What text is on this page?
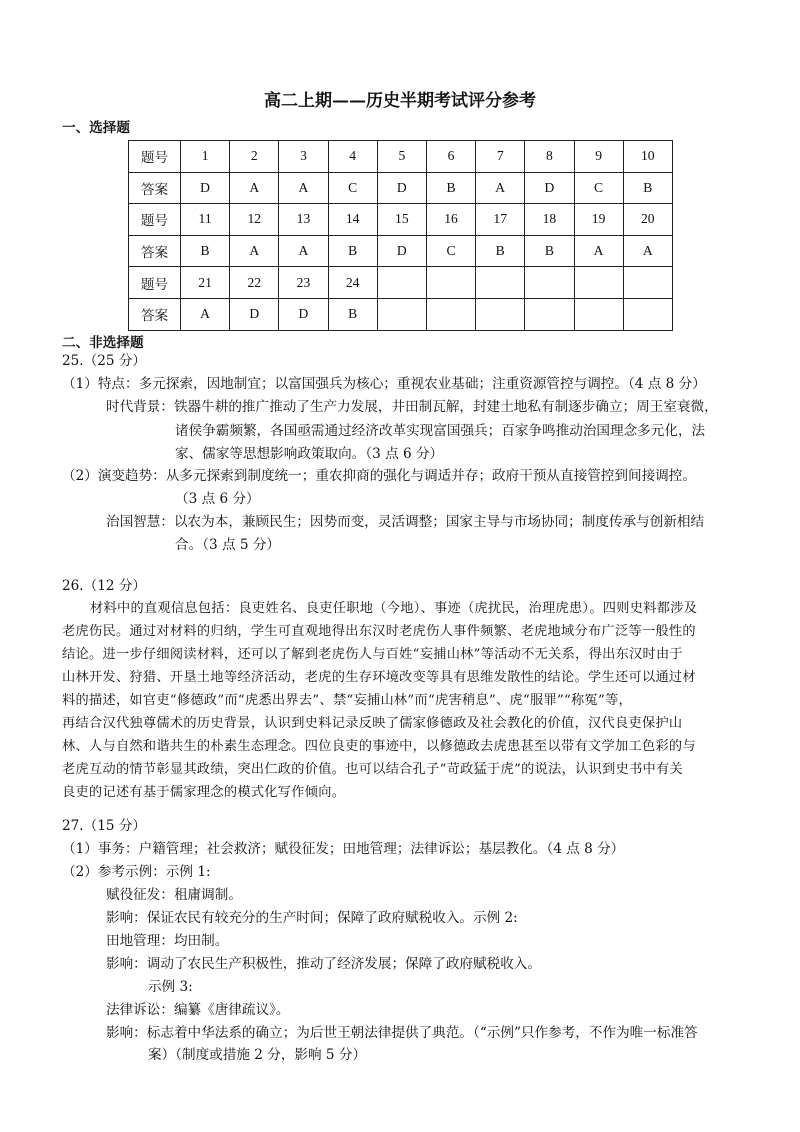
高二上期——历史半期考试评分参考
一、选择题
题号	1	2	3	4	5	6	7	8	9	10
答案	D	A	A	C	D	B	A	D	C	B
题号	11	12	13	14	15	16	17	18	19	20
答案	B	A	A	B	D	C	B	B	A	A
题号	21	22	23	24						
答案	A	D	D	B						
二、非选择题
25.（25 分）
（1）特点：多元探索，因地制宜；以富国强兵为核心；重视农业基础；注重资源管控与调控。（4 点 8 分）
时代背景：铁器牛耕的推广推动了生产力发展，井田制瓦解，封建土地私有制逐步确立；周王室衰微，
诸侯争霸频繁，各国亟需通过经济改革实现富国强兵；百家争鸣推动治国理念多元化，法
家、儒家等思想影响政策取向。（3 点 6 分）
（2）演变趋势：从多元探索到制度统一；重农抑商的强化与调适并存；政府干预从直接管控到间接调控。
（3 点 6 分）
治国智慧：以农为本，兼顾民生；因势而变，灵活调整；国家主导与市场协同；制度传承与创新相结
合。（3 点 5 分）
26.（12 分）
材料中的直观信息包括：良吏姓名、良吏任职地（今地）、事迹（虎扰民，治理虎患）。四则史料都涉及
老虎伤民。通过对材料的归纳，学生可直观地得出东汉时老虎伤人事件频繁、老虎地域分布广泛等一般性的
结论。进一步仔细阅读材料，还可以了解到老虎伤人与百姓“妄捕山林”等活动不无关系，得出东汉时由于
山林开发、狩猎、开垦土地等经济活动，老虎的生存环境改变等具有思维发散性的结论。学生还可以通过材
料的描述，如官吏“修德政”而“虎悉出界去”、禁“妄捕山林”而“虎害稍息”、虎“服罪”“称冤”等，
再结合汉代独尊儒术的历史背景，认识到史料记录反映了儒家修德政及社会教化的价值，汉代良吏保护山
林、人与自然和谐共生的朴素生态理念。四位良吏的事迹中，以修德政去虎患甚至以带有文学加工色彩的与
老虎互动的情节彰显其政绩，突出仁政的价值。也可以结合孔子“苛政猛于虎”的说法，认识到史书中有关
良吏的记述有基于儒家理念的模式化写作倾向。
27.（15 分）
（1）事务：户籍管理；社会救济；赋役征发；田地管理；法律诉讼；基层教化。（4 点 8 分）
（2）参考示例：示例 1:
赋役征发：租庸调制。
影响：保证农民有较充分的生产时间；保障了政府赋税收入。示例 2:
田地管理：均田制。
影响：调动了农民生产积极性，推动了经济发展；保障了政府赋税收入。
示例 3:
法律诉讼：编纂《唐律疏议》。
影响：标志着中华法系的确立；为后世王朝法律提供了典范。（“示例”只作参考，不作为唯一标准答
案）（制度或措施 2 分，影响 5 分）
